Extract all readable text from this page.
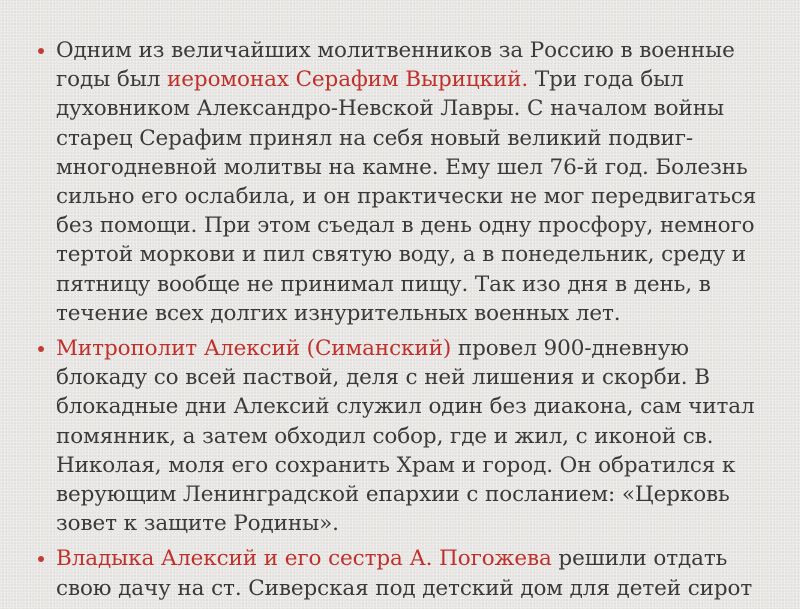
Одним из величайших молитвенников за Россию в военные годы был иеромонах Серафим Вырицкий. Три года был духовником Александро-Невской Лавры. С началом войны старец Серафим принял на себя новый великий подвиг- многодневной молитвы на камне. Ему шел 76-й год. Болезнь сильно его ослабила, и он практически не мог передвигаться без помощи. При этом съедал в день одну просфору, немного тертой моркови и пил святую воду, а в понедельник, среду и пятницу вообще не принимал пищу. Так изо дня в день, в течение всех долгих изнурительных военных лет.

Митрополит Алексий (Симанский) провел 900-дневную блокаду со всей паствой, деля с ней лишения и скорби. В блокадные дни Алексий служил один без диакона, сам читал помянник, а затем обходил собор, где и жил, с иконой св. Николая, моля его сохранить Храм и город. Он обратился к верующим Ленинградской епархии с посланием: «Церковь зовет к защите Родины».

Владыка Алексий и его сестра А. Погожева решили отдать свою дачу на ст. Сиверская под детский дом для детей сирот
